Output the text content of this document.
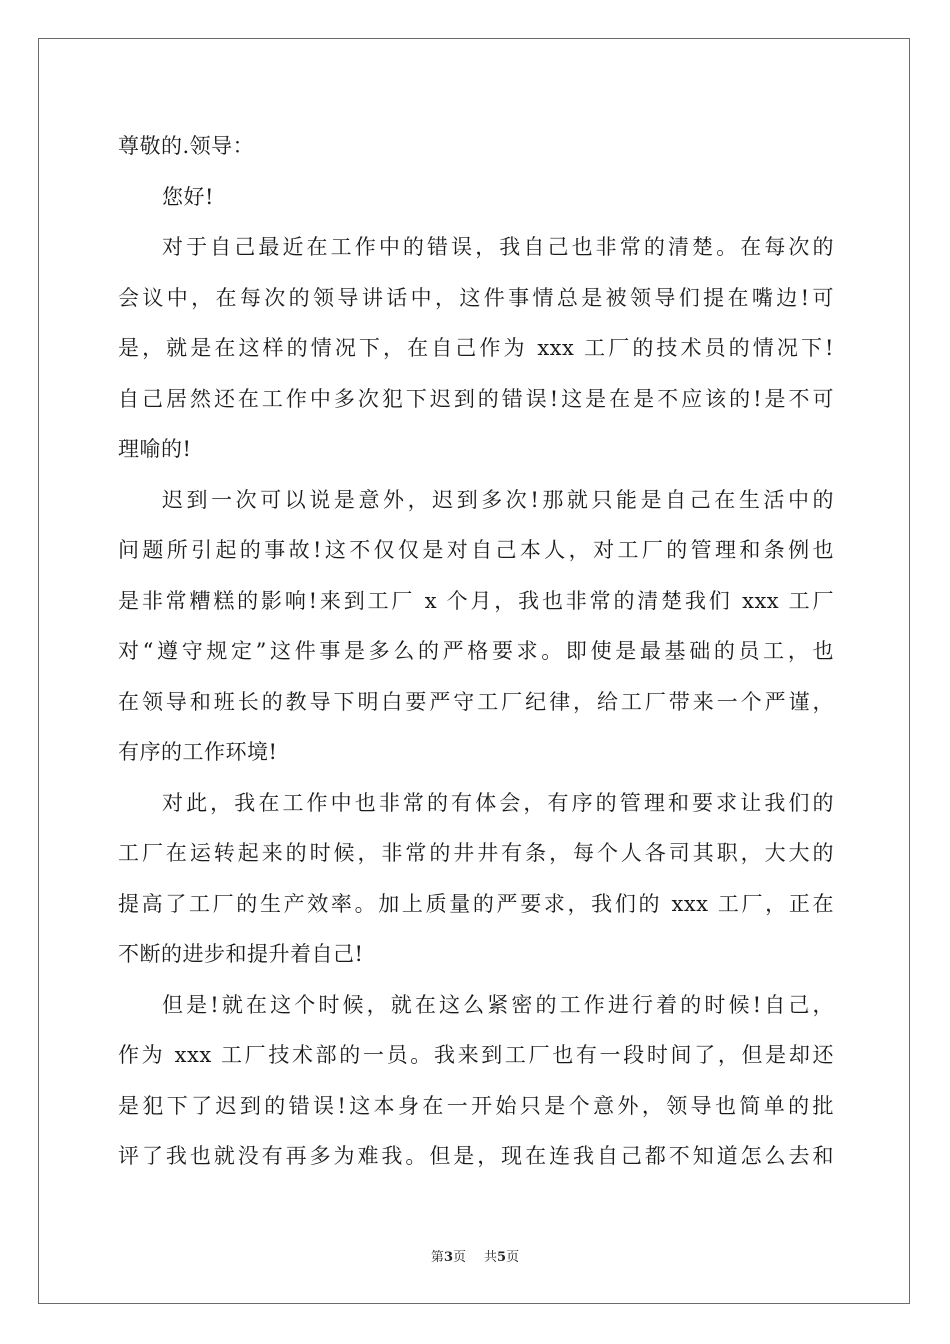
尊敬的.领导：
您好!
对于自己最近在工作中的错误，我自己也非常的清楚。在每次的
会议中，在每次的领导讲话中，这件事情总是被领导们提在嘴边!可
是，就是在这样的情况下，在自己作为 xxx 工厂的技术员的情况下!
自己居然还在工作中多次犯下迟到的错误!这是在是不应该的!是不可
理喻的!
迟到一次可以说是意外，迟到多次!那就只能是自己在生活中的
问题所引起的事故!这不仅仅是对自己本人，对工厂的管理和条例也
是非常糟糕的影响!来到工厂 x 个月，我也非常的清楚我们 xxx 工厂
对“遵守规定”这件事是多么的严格要求。即使是最基础的员工，也
在领导和班长的教导下明白要严守工厂纪律，给工厂带来一个严谨，
有序的工作环境!
对此，我在工作中也非常的有体会，有序的管理和要求让我们的
工厂在运转起来的时候，非常的井井有条，每个人各司其职，大大的
提高了工厂的生产效率。加上质量的严要求，我们的 xxx 工厂，正在
不断的进步和提升着自己!
但是!就在这个时候，就在这么紧密的工作进行着的时候!自己，
作为 xxx 工厂技术部的一员。我来到工厂也有一段时间了，但是却还
是犯下了迟到的错误!这本身在一开始只是个意外，领导也简单的批
评了我也就没有再多为难我。但是，现在连我自己都不知道怎么去和
第3页 共5页
